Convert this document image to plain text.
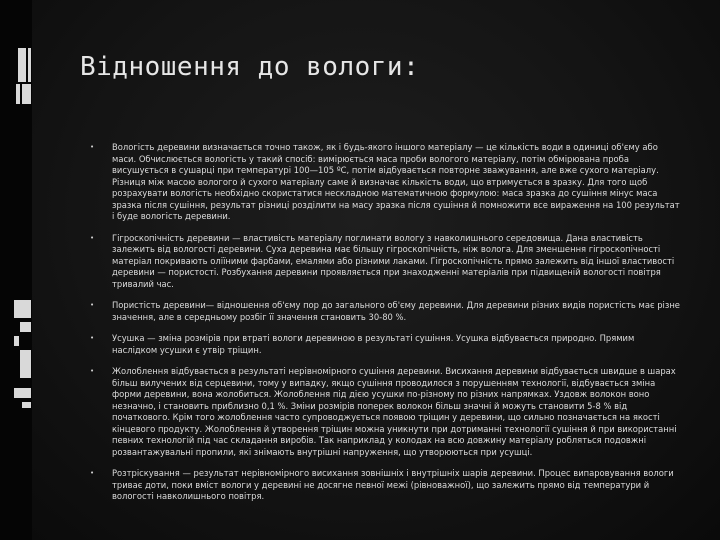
Відношення до вологи:
• Вологість деревини визначається точно також, як і будь-якого іншого матеріалу — це кількість води в одиниці об'єму або маси. Обчислюється вологість у такий спосіб: вимірюється маса проби вологого матеріалу, потім обмірювана проба висушується в сушарці при температурі 100—105 ºС, потім відбувається повторне зважування, але вже сухого матеріалу. Різниця між масою вологого й сухого матеріалу саме й визначає кількість води, що втримується в зразку. Для того щоб розрахувати вологість необхідно скористатися нескладною математичною формулою: маса зразка до сушіння мінус маса зразка після сушіння, результат різниці розділити на масу зразка після сушіння й помножити все вираження на 100 результат і буде вологість деревини.
• Гігроскопічність деревини — властивість матеріалу поглинати вологу з навколишнього середовища. Дана властивість залежить від вологості деревини. Суха деревина має більшу гігроскопічність, ніж волога. Для зменшення гігроскопічності матеріал покривають оліїними фарбами, емалями або різними лаками. Гігроскопічність прямо залежить від іншої властивості деревини — пористості. Розбухання деревини проявляється при знаходженні матеріалів при підвищеній вологості повітря тривалий час.
• Пористість деревини— відношення об'єму пор до загального об'єму деревини. Для деревини різних видів пористість має різне значення, але в середньому розбіг її значення становить 30-80 %.
• Усушка — зміна розмірів при втраті вологи деревиною в результаті сушіння. Усушка відбувається природно. Прямим наслідком усушки є утвір тріщин.
• Жолоблення відбувається в результаті нерівномірного сушіння деревини. Висихання деревини відбувається швидше в шарах більш вилучених від серцевини, тому у випадку, якщо сушіння проводилося з порушенням технології, відбувається зміна форми деревини, вона жолобиться. Жолоблення під дією усушки по-різному по різних напрямках. Уздовж волокон воно незначно, і становить приблизно 0,1 %. Зміни розмірів поперек волокон більш значні й можуть становити 5-8 % від початкового. Крім того жолоблення часто супроводжується появою тріщин у деревини, що сильно позначається на якості кінцевого продукту. Жолоблення й утворення тріщин можна уникнути при дотриманні технології сушіння й при використанні певних технологій під час складання виробів. Так наприклад у колодах на всю довжину матеріалу робляться подовжні розвантажувальні пропили, які знімають внутрішні напруження, що утворюються при усушці.
• Розтріскування — результат нерівномірного висихання зовнішніх і внутрішніх шарів деревини. Процес випаровування вологи триває доти, поки вміст вологи у деревині не досягне певної межі (рівноважної), що залежить прямо від температури й вологості навколишнього повітря.
